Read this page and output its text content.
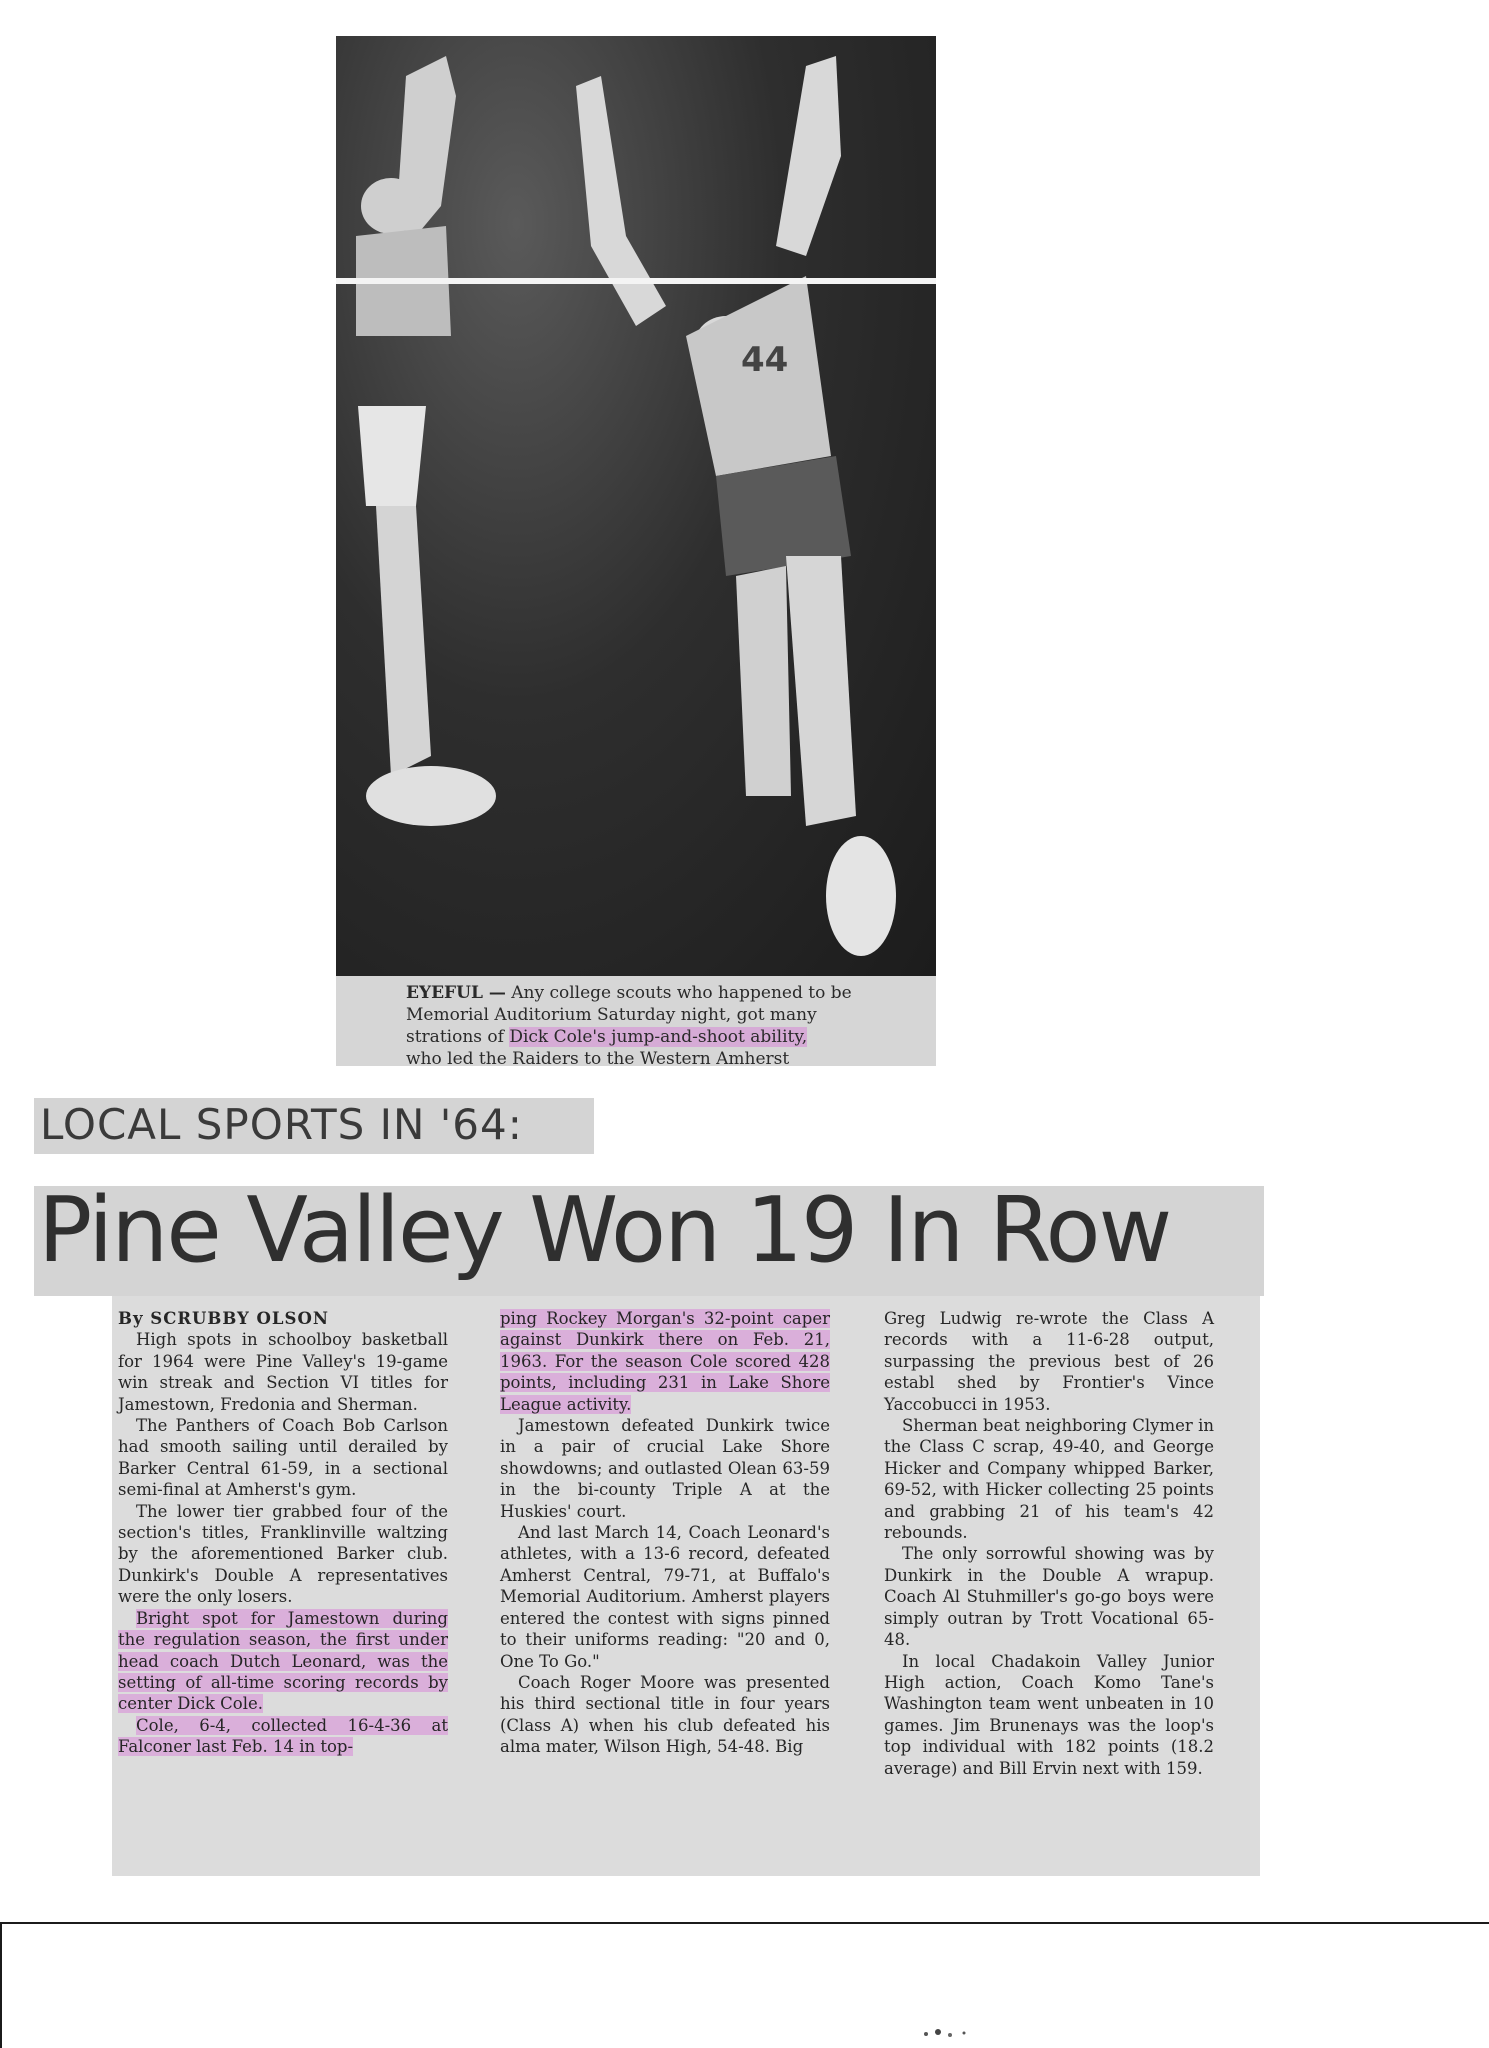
44
EYEFUL — Any college scouts who happened to be
Memorial Auditorium Saturday night, got many
strations of Dick Cole's jump-and-shoot ability,
who led the Raiders to the Western Amherst
LOCAL SPORTS IN '64:
Pine Valley Won 19 In Row

By SCRUBBY OLSON

High spots in schoolboy basketball for 1964 were Pine Valley's 19-game win streak and Section VI titles for Jamestown, Fredonia and Sherman.

The Panthers of Coach Bob Carlson had smooth sailing until derailed by Barker Central 61-59, in a sectional semi-final at Amherst's gym.

The lower tier grabbed four of the section's titles, Franklinville waltzing by the aforementioned Barker club. Dunkirk's Double A representatives were the only losers.

Bright spot for Jamestown during the regulation season, the first under head coach Dutch Leonard, was the setting of all-time scoring records by center Dick Cole.

Cole, 6-4, collected 16-4-36 at Falconer last Feb. 14 in top-

ping Rockey Morgan's 32-point caper against Dunkirk there on Feb. 21, 1963. For the season Cole scored 428 points, including 231 in Lake Shore League activity.

Jamestown defeated Dunkirk twice in a pair of crucial Lake Shore showdowns; and outlasted Olean 63-59 in the bi-county Triple A at the Huskies' court.

And last March 14, Coach Leonard's athletes, with a 13-6 record, defeated Amherst Central, 79-71, at Buffalo's Memorial Auditorium. Amherst players entered the contest with signs pinned to their uniforms reading: "20 and 0, One To Go."

Coach Roger Moore was presented his third sectional title in four years (Class A) when his club defeated his alma mater, Wilson High, 54-48. Big

Greg Ludwig re-wrote the Class A records with a 11-6-28 output, surpassing the previous best of 26 establ shed by Frontier's Vince Yaccobucci in 1953.

Sherman beat neighboring Clymer in the Class C scrap, 49-40, and George Hicker and Company whipped Barker, 69-52, with Hicker collecting 25 points and grabbing 21 of his team's 42 rebounds.

The only sorrowful showing was by Dunkirk in the Double A wrapup. Coach Al Stuhmiller's go-go boys were simply outran by Trott Vocational 65-48.

In local Chadakoin Valley Junior High action, Coach Komo Tane's Washington team went unbeaten in 10 games. Jim Brunenays was the loop's top individual with 182 points (18.2 average) and Bill Ervin next with 159.
